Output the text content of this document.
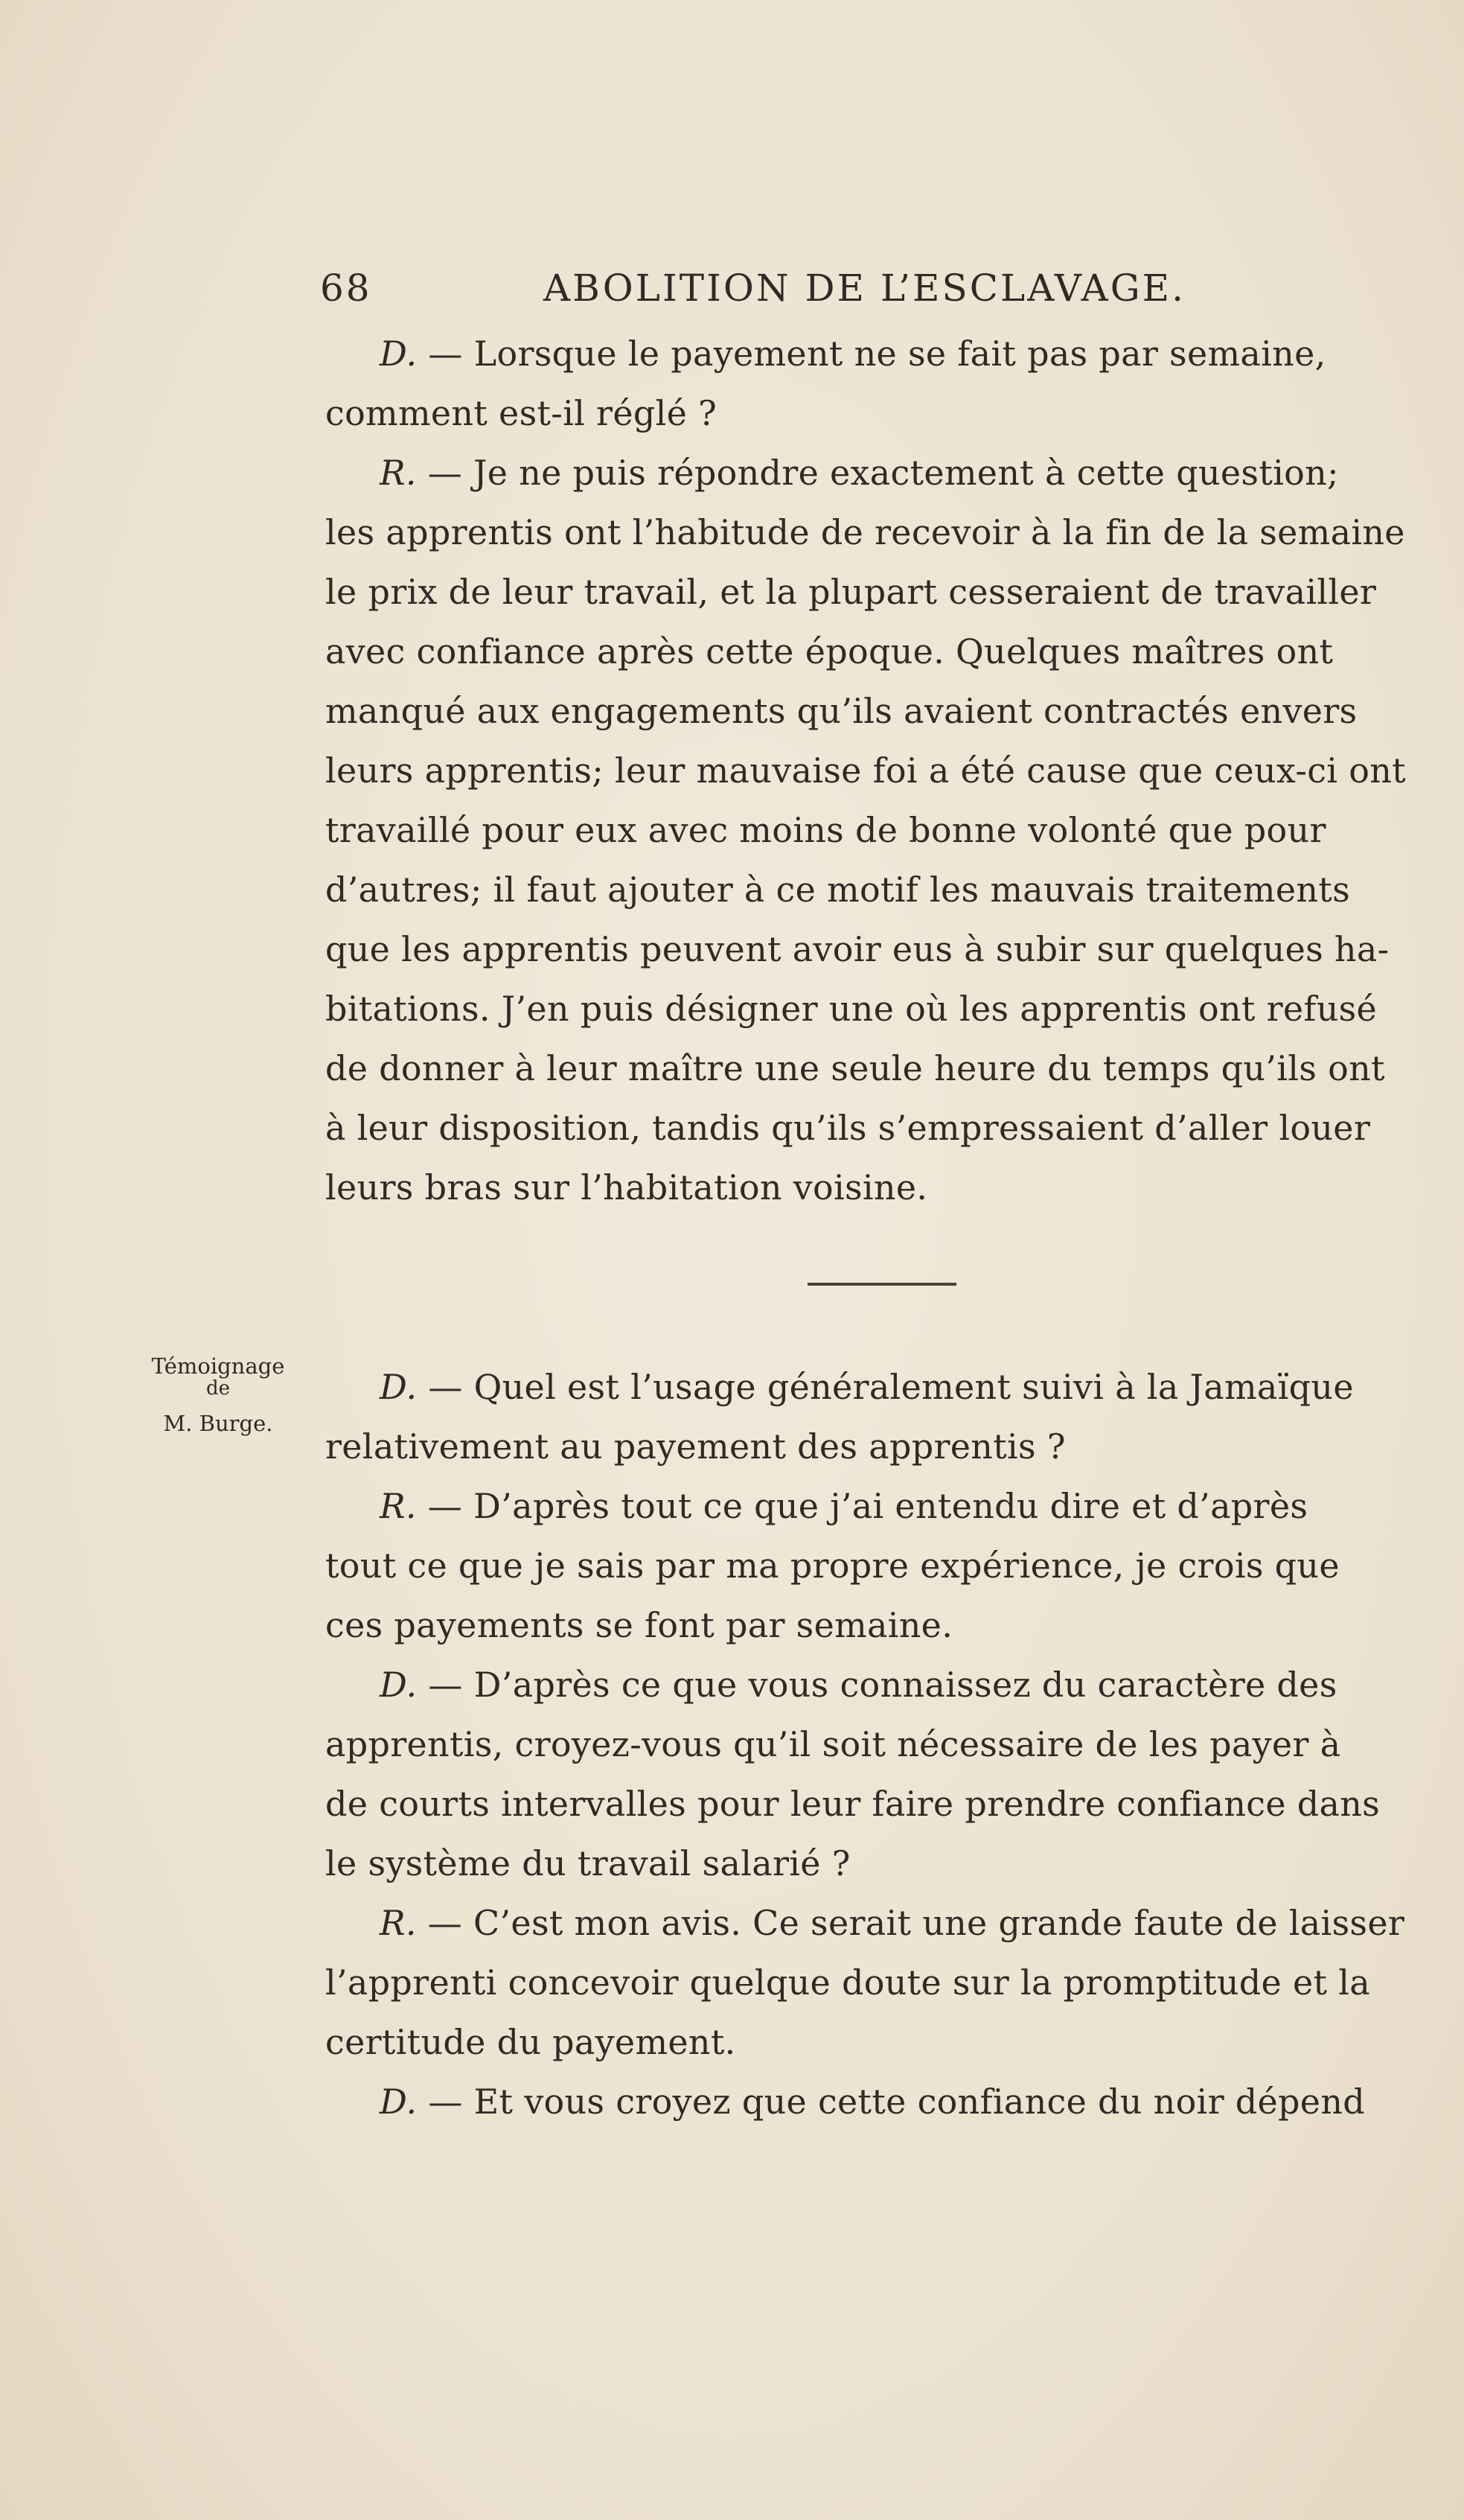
68	ABOLITION DE L’ESCLAVAGE.
D. — Lorsque le payement ne se fait pas par semaine,
comment est-il réglé ?
R. — Je ne puis répondre exactement à cette question;
les apprentis ont l’habitude de recevoir à la fin de la semaine
le prix de leur travail, et la plupart cesseraient de travailler
avec confiance après cette époque. Quelques maîtres ont
manqué aux engagements qu’ils avaient contractés envers
leurs apprentis; leur mauvaise foi a été cause que ceux-ci ont
travaillé pour eux avec moins de bonne volonté que pour
d’autres; il faut ajouter à ce motif les mauvais traitements
que les apprentis peuvent avoir eus à subir sur quelques ha-
bitations. J’en puis désigner une où les apprentis ont refusé
de donner à leur maître une seule heure du temps qu’ils ont
à leur disposition, tandis qu’ils s’empressaient d’aller louer
leurs bras sur l’habitation voisine.
D. — Quel est l’usage généralement suivi à la Jamaïque
relativement au payement des apprentis ?
R. — D’après tout ce que j’ai entendu dire et d’après
tout ce que je sais par ma propre expérience, je crois que
ces payements se font par semaine.
D. — D’après ce que vous connaissez du caractère des
apprentis, croyez-vous qu’il soit nécessaire de les payer à
de courts intervalles pour leur faire prendre confiance dans
le système du travail salarié ?
R. — C’est mon avis. Ce serait une grande faute de laisser
l’apprenti concevoir quelque doute sur la promptitude et la
certitude du payement.
D. — Et vous croyez que cette confiance du noir dépend
Témoignage
de
M. Burge.
